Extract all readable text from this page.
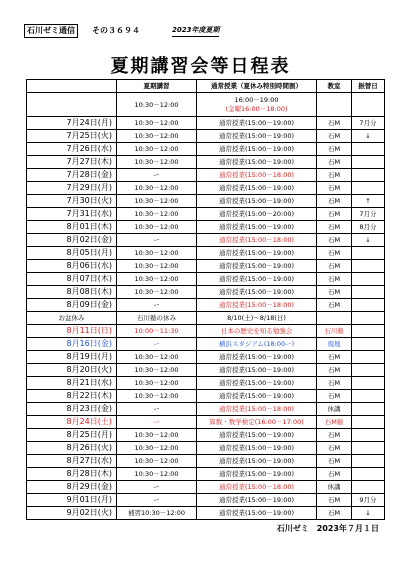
石川ゼミ通信	その３６９４	2023年度夏期
夏期講習会等日程表
	夏期講習	通常授業（夏休み特別時間割）	教室	振替日
	10:30－12:00	16:00－19:00
(金曜16:00－18:00)		

7月24日(月)	10:30－12:00	通常授業(15:00－19:00)	石M	7月分
7月25日(火)	10:30－12:00	通常授業(15:00－19:00)	石M	↓
7月26日(水)	10:30－12:00	通常授業(15:00－19:00)	石M	
7月27日(木)	10:30－12:00	通常授業(15:00－19:00)	石M	
7月28日(金)	ー	通常授業(15:00－18:00)	石M	
7月29日(月)	10:30－12:00	通常授業(15:00－19:00)	石M	
7月30日(火)	10:30－12:00	通常授業(15:00－19:00)	石M	↑
7月31日(水)	10:30－12:00	通常授業(15:00－20:00)	石M	7月分
8月01日(木)	10:30－12:00	通常授業(15:00－19:00)	石M	8月分
8月02日(金)	ー	通常授業(15:00－18:00)	石M	↓
8月05日(月)	10:30－12:00	通常授業(15:00－19:00)	石M	
8月06日(水)	10:30－12:00	通常授業(15:00－19:00)	石M	
8月07日(木)	10:30－12:00	通常授業(15:00－19:00)	石M	
8月08日(木)	10:30－12:00	通常授業(15:00－19:00)	石M	
8月09日(金)	ー	通常授業(15:00－18:00)	石M	
お盆休み	石川塾の休み	8/10(土)～8/18(日)		
8月11日(日)	10:00－11:30	日本の歴史を知る勉強会	石川塾	
8月16日(金)	ー	横浜スタジアム(18:00ー)	現地	
8月19日(月)	10:30－12:00	通常授業(15:00－19:00)	石M	
8月20日(火)	10:30－12:00	通常授業(15:00－19:00)	石M	
8月21日(水)	10:30－12:00	通常授業(15:00－19:00)	石M	
8月22日(木)	10:30－12:00	通常授業(15:00－19:00)	石M	
8月23日(金)	ー	通常授業(15:00－18:00)	休講	
8月24日(土)	ー	算数・数学検定(16:00－17:00)	石M塾	
8月25日(月)	10:30－12:00	通常授業(15:00－19:00)	石M	
8月26日(火)	10:30－12:00	通常授業(15:00－19:00)	石M	
8月27日(水)	10:30－12:00	通常授業(15:00－19:00)	石M	
8月28日(木)	10:30－12:00	通常授業(15:00－19:00)	石M	
8月29日(金)	ー	通常授業(15:00－18:00)	休講	
9月01日(月)	ー	通常授業(15:00－19:00)	石M	9月分
9月02日(火)	補習10:30－12:00	通常授業(15:00－19:00)	石M	↓
石川ゼミ　2023年７月１日
